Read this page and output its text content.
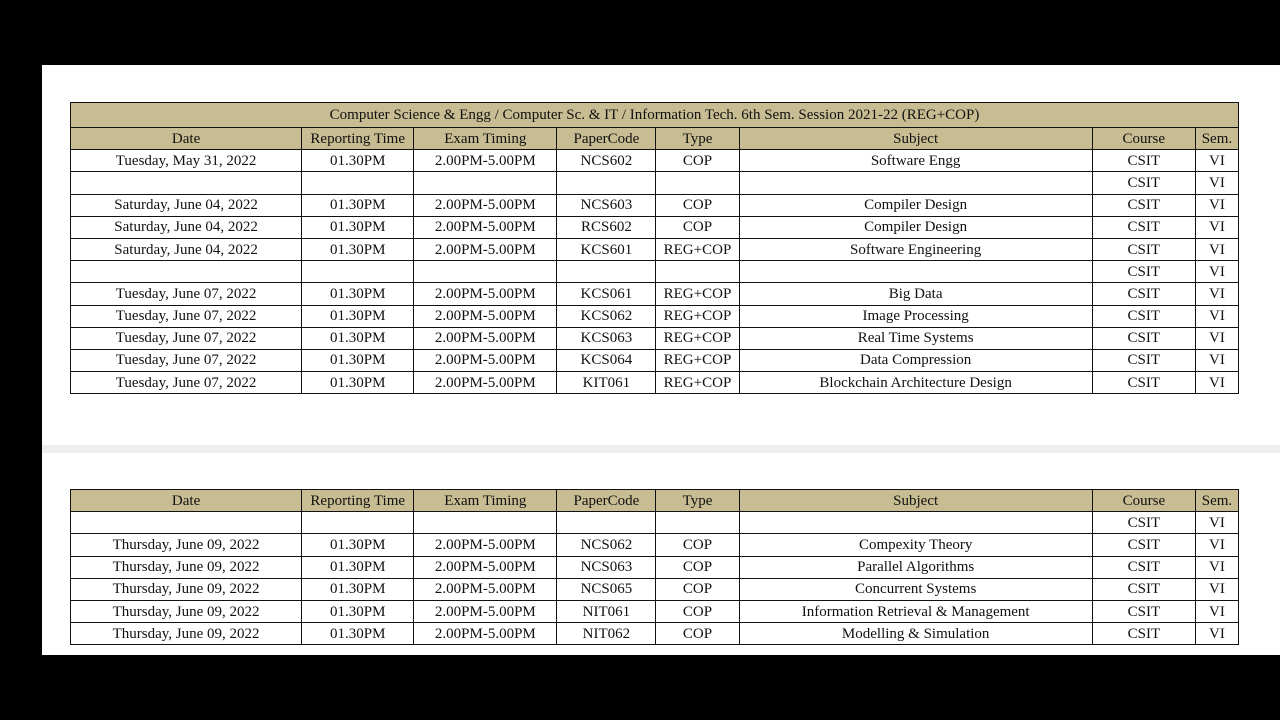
Computer Science & Engg / Computer Sc. & IT / Information Tech. 6th Sem. Session 2021-22 (REG+COP)							
Date	Reporting Time	Exam Timing	PaperCode	Type	Subject	Course	Sem.
Tuesday, May 31, 2022	01.30PM	2.00PM-5.00PM	NCS602	COP	Software Engg	CSIT	VI
						CSIT	VI
Saturday, June 04, 2022	01.30PM	2.00PM-5.00PM	NCS603	COP	Compiler Design	CSIT	VI
Saturday, June 04, 2022	01.30PM	2.00PM-5.00PM	RCS602	COP	Compiler Design	CSIT	VI
Saturday, June 04, 2022	01.30PM	2.00PM-5.00PM	KCS601	REG+COP	Software Engineering	CSIT	VI
						CSIT	VI
Tuesday, June 07, 2022	01.30PM	2.00PM-5.00PM	KCS061	REG+COP	Big Data	CSIT	VI
Tuesday, June 07, 2022	01.30PM	2.00PM-5.00PM	KCS062	REG+COP	Image Processing	CSIT	VI
Tuesday, June 07, 2022	01.30PM	2.00PM-5.00PM	KCS063	REG+COP	Real Time Systems	CSIT	VI
Tuesday, June 07, 2022	01.30PM	2.00PM-5.00PM	KCS064	REG+COP	Data Compression	CSIT	VI
Tuesday, June 07, 2022	01.30PM	2.00PM-5.00PM	KIT061	REG+COP	Blockchain Architecture Design	CSIT	VI
Date	Reporting Time	Exam Timing	PaperCode	Type	Subject	Course	Sem.
						CSIT	VI
Thursday, June 09, 2022	01.30PM	2.00PM-5.00PM	NCS062	COP	Compexity Theory	CSIT	VI
Thursday, June 09, 2022	01.30PM	2.00PM-5.00PM	NCS063	COP	Parallel Algorithms	CSIT	VI
Thursday, June 09, 2022	01.30PM	2.00PM-5.00PM	NCS065	COP	Concurrent Systems	CSIT	VI
Thursday, June 09, 2022	01.30PM	2.00PM-5.00PM	NIT061	COP	Information Retrieval & Management	CSIT	VI
Thursday, June 09, 2022	01.30PM	2.00PM-5.00PM	NIT062	COP	Modelling & Simulation	CSIT	VI
